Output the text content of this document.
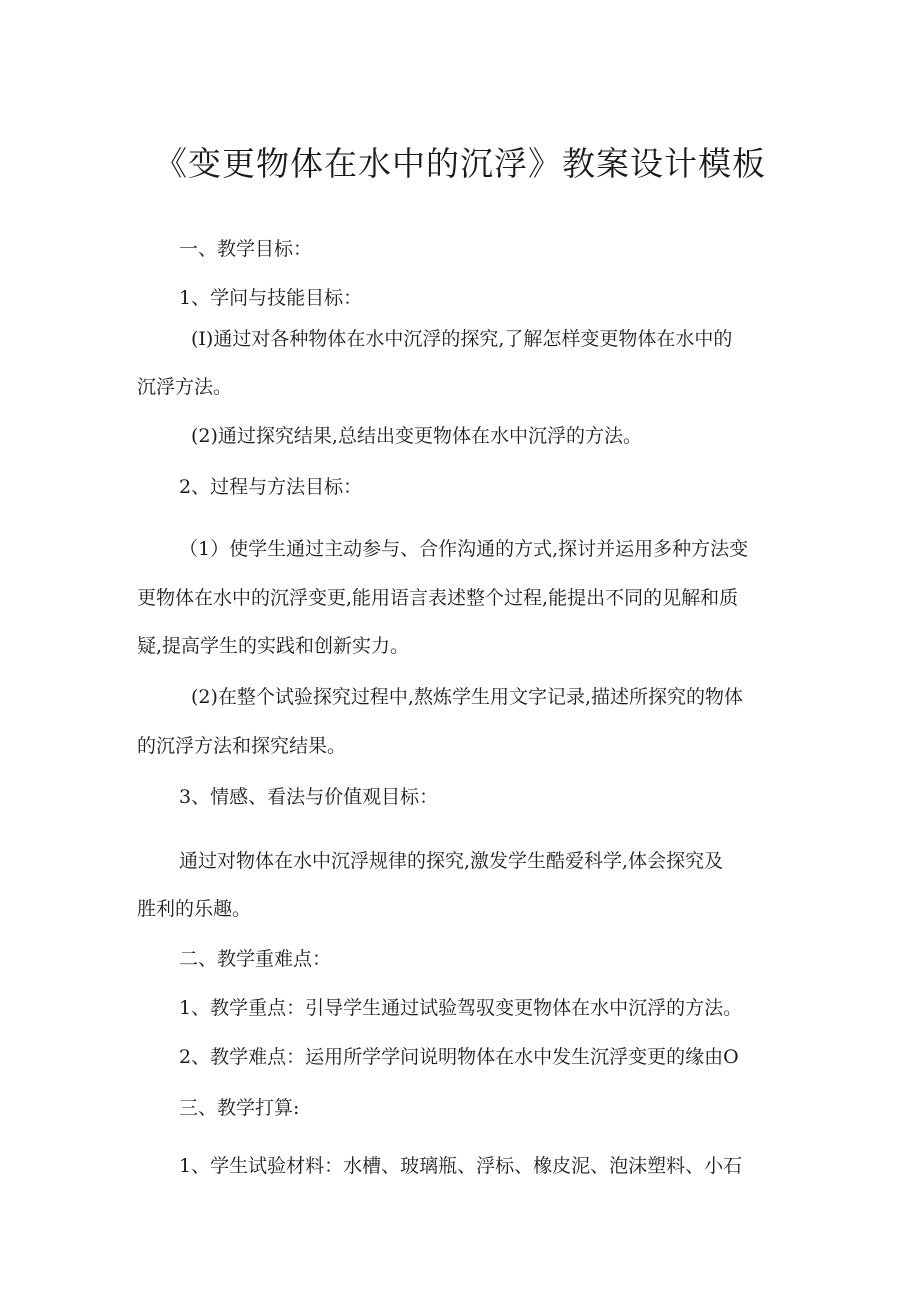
《变更物体在水中的沉浮》教案设计模板
一、教学目标：
1、学问与技能目标：
(I)通过对各种物体在水中沉浮的探究,了解怎样变更物体在水中的
沉浮方法。
(2)通过探究结果,总结出变更物体在水中沉浮的方法。
2、过程与方法目标：
（1）使学生通过主动参与、合作沟通的方式,探讨并运用多种方法变
更物体在水中的沉浮变更,能用语言表述整个过程,能提出不同的见解和质
疑,提高学生的实践和创新实力。
(2)在整个试验探究过程中,熬炼学生用文字记录,描述所探究的物体
的沉浮方法和探究结果。
3、情感、看法与价值观目标：
通过对物体在水中沉浮规律的探究,激发学生酷爱科学,体会探究及
胜利的乐趣。
二、教学重难点：
1、教学重点：引导学生通过试验驾驭变更物体在水中沉浮的方法。
2、教学难点：运用所学学问说明物体在水中发生沉浮变更的缘由O
三、教学打算:
1、学生试验材料：水槽、玻璃瓶、浮标、橡皮泥、泡沫塑料、小石
